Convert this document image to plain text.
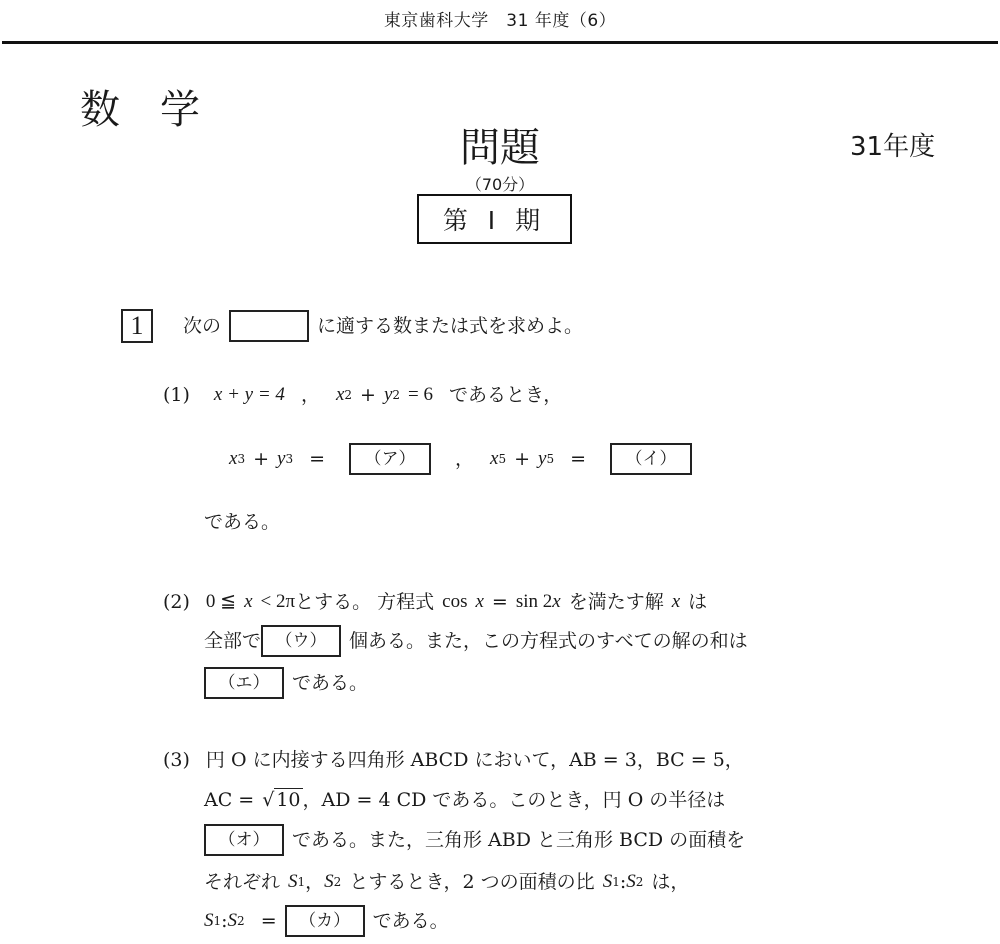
東京歯科大学　31 年度（6）
数学
問題
（70分）
第 I 期
31年度
1 次の	に適する数または式を求めよ。
(1) x + y = 4 ， x 2 + y 2 = 6 であるとき，
x 3 + y 3 =	（ア）	， x 5 + y 5 =	（イ）
である。
(2) 0 ≦ x < 2π とする。 方程式 cos x = sin 2 x を満たす解 x は
全部で （ウ）	個ある。また，この方程式のすべての解の和は
（エ）	である。
(3) 円 O に内接する四角形 ABCD において，AB = 3，BC = 5，
AC = √ 10 ，AD = 4 CD である。このとき，円 O の半径は
（オ）	である。また，三角形 ABD と三角形 BCD の面積を
それぞれ S 1 ， S 2 とするとき，2 つの面積の比 S 1 : S 2 は，
S 1 : S 2 =	（カ）	である。
